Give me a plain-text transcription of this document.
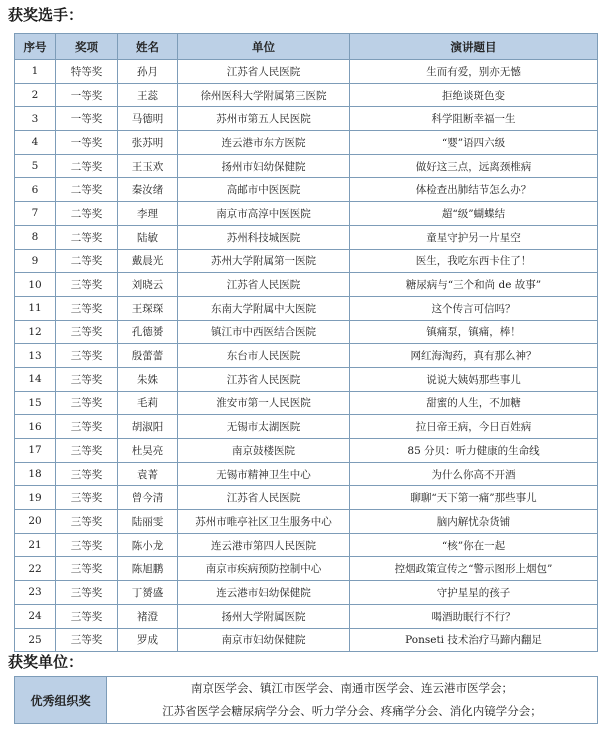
获奖选手：
序号	奖项	姓名	单位	演讲题目
1	特等奖	孙月	江苏省人民医院	生而有爱，别亦无憾
2	一等奖	王蕊	徐州医科大学附属第三医院	拒绝谈斑色变
3	一等奖	马德明	苏州市第五人民医院	科学阻断幸福一生
4	一等奖	张苏明	连云港市东方医院	“婴”语四六级
5	二等奖	王玉欢	扬州市妇幼保健院	做好这三点，远离颈椎病
6	二等奖	秦汝绪	高邮市中医医院	体检查出肺结节怎么办？
7	二等奖	李理	南京市高淳中医医院	超“级”蝴蝶结
8	二等奖	陆敏	苏州科技城医院	童星守护另一片星空
9	二等奖	戴晨光	苏州大学附属第一医院	医生，我吃东西卡住了！
10	三等奖	刘晓云	江苏省人民医院	糖尿病与“三个和尚 de 故事”
11	三等奖	王琛琛	东南大学附属中大医院	这个传言可信吗？
12	三等奖	孔德赟	镇江市中西医结合医院	镇痛泵，镇痛，棒！
13	三等奖	殷蕾蕾	东台市人民医院	网红海淘药，真有那么神？
14	三等奖	朱姝	江苏省人民医院	说说大姨妈那些事儿
15	三等奖	毛莉	淮安市第一人民医院	甜蜜的人生，不加糖
16	三等奖	胡淑阳	无锡市太湖医院	拉日帝王病，今日百姓病
17	三等奖	杜昊亮	南京鼓楼医院	85 分贝：听力健康的生命线
18	三等奖	袁菁	无锡市精神卫生中心	为什么你高不开酒
19	三等奖	曾今清	江苏省人民医院	聊聊“天下第一痛”那些事儿
20	三等奖	陆丽雯	苏州市唯亭社区卫生服务中心	脑内解忧杂货铺
21	三等奖	陈小龙	连云港市第四人民医院	“核”你在一起
22	三等奖	陈旭鹏	南京市疾病预防控制中心	控烟政策宣传之“警示图形上烟包”
23	三等奖	丁赟盛	连云港市妇幼保健院	守护星星的孩子
24	三等奖	褚澄	扬州大学附属医院	喝酒助眠行不行？
25	三等奖	罗成	南京市妇幼保健院	Ponseti 技术治疗马蹄内翻足
获奖单位：
优秀组织奖	
南京医学会、镇江市医学会、南通市医学会、连云港市医学会；
江苏省医学会糖尿病学分会、听力学分会、疼痛学分会、消化内镜学分会；
